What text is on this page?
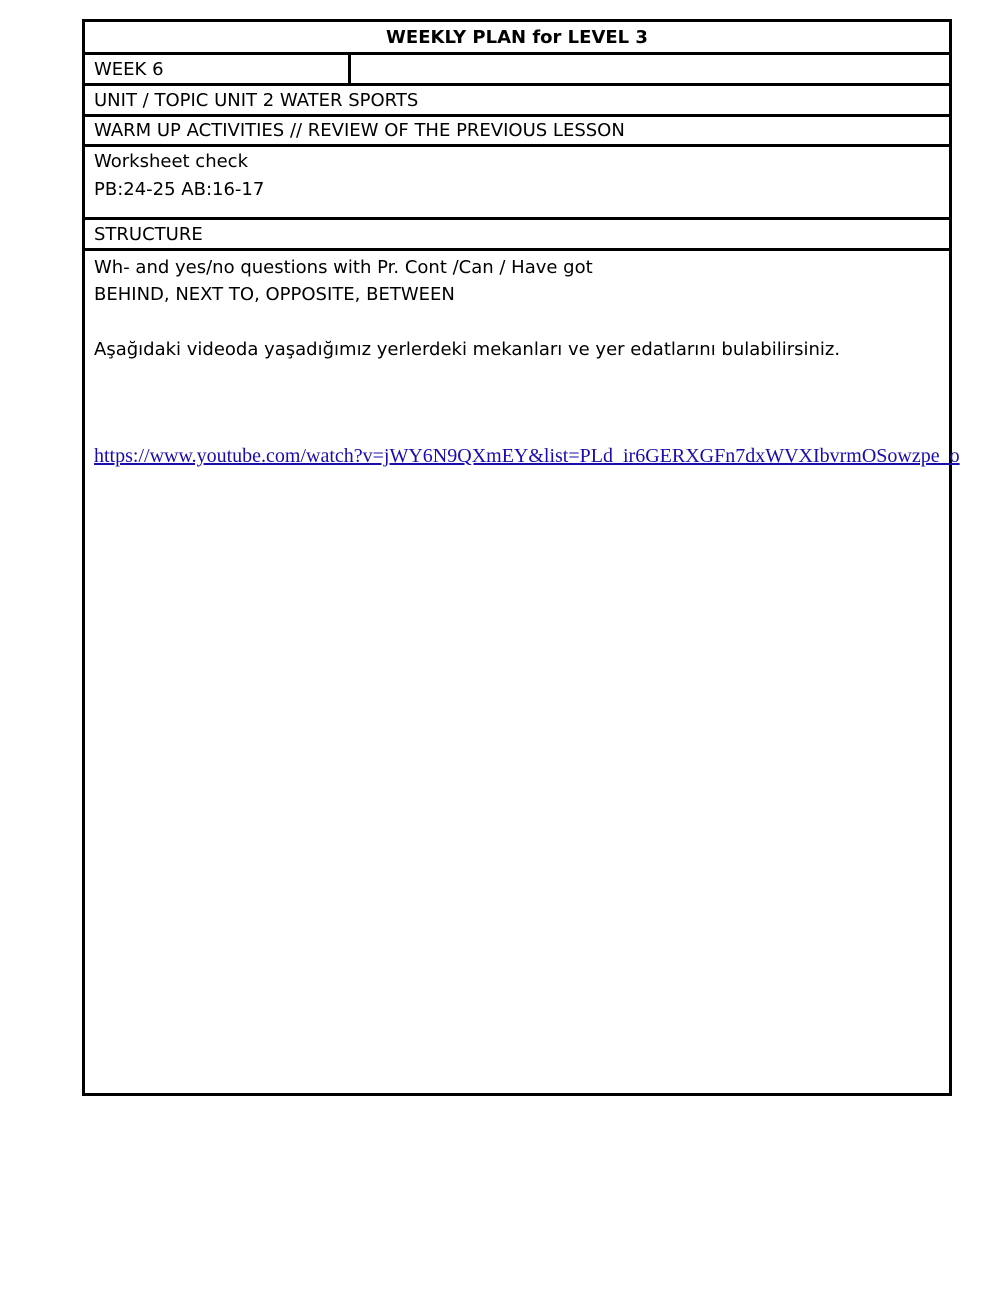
WEEKLY PLAN for LEVEL 3
WEEK 6
UNIT / TOPIC UNIT 2 WATER SPORTS
WARM UP ACTIVITIES // REVIEW OF THE PREVIOUS LESSON
Worksheet check
PB:24-25 AB:16-17
STRUCTURE
Wh- and yes/no questions with Pr. Cont /Can / Have got
BEHIND, NEXT TO, OPPOSITE, BETWEEN
Aşağıdaki videoda yaşadığımız yerlerdeki mekanları ve yer edatlarını bulabilirsiniz.
https://www.youtube.com/watch?v=jWY6N9QXmEY&list=PLd_ir6GERXGFn7dxWVXIbvrmOSowzpe_o
